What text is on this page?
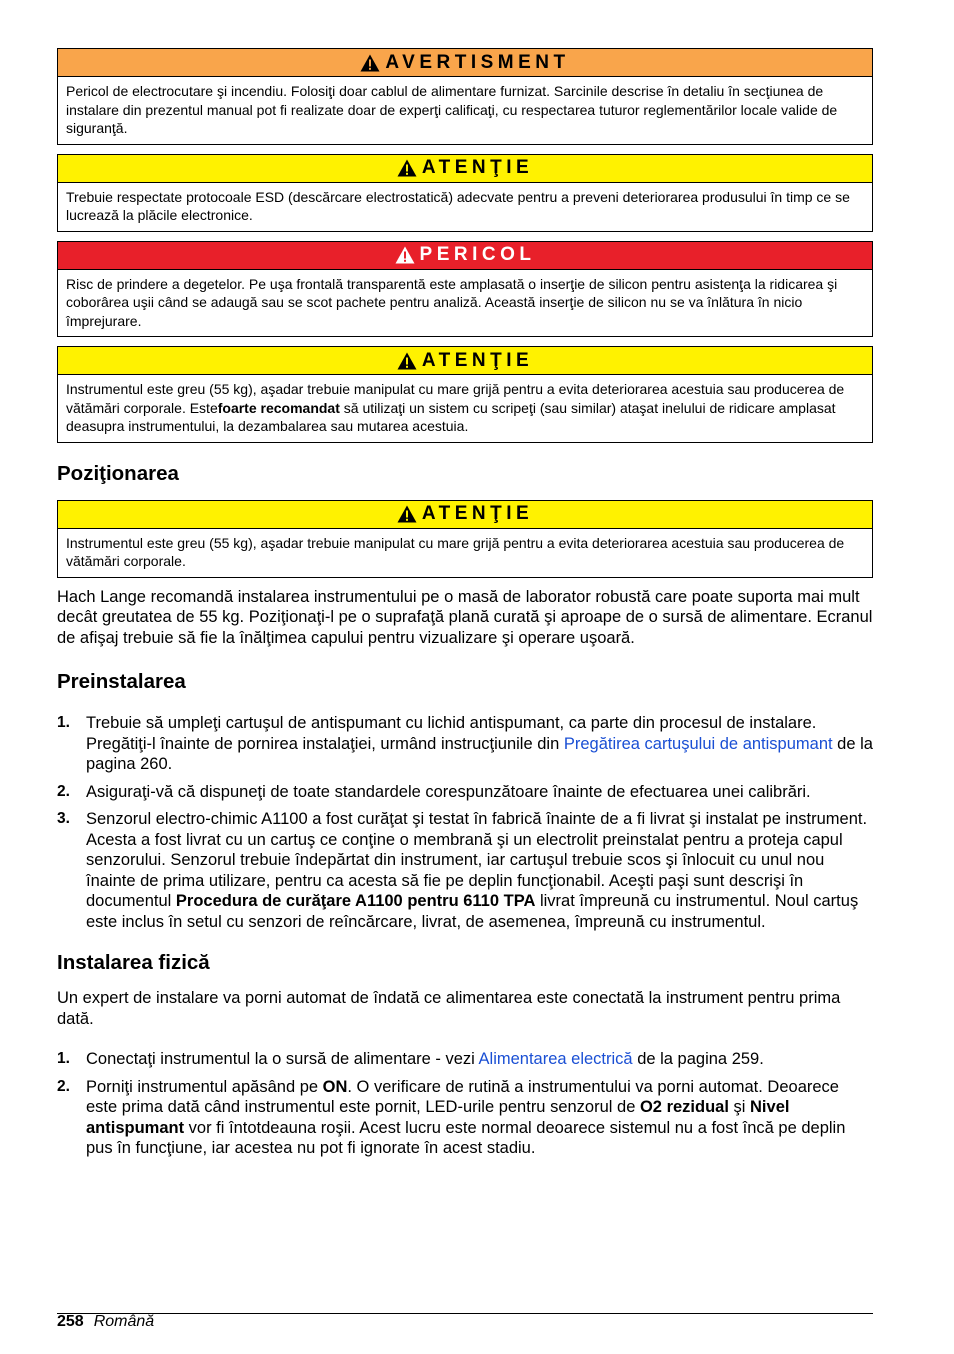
AVERTISMENT
Pericol de electrocutare şi incendiu. Folosiţi doar cablul de alimentare furnizat. Sarcinile descrise în detaliu în secţiunea de instalare din prezentul manual pot fi realizate doar de experţi calificaţi, cu respectarea tuturor reglementărilor locale valide de siguranţă.
ATENŢIE
Trebuie respectate protocoale ESD (descărcare electrostatică) adecvate pentru a preveni deteriorarea produsului în timp ce se lucrează la plăcile electronice.
PERICOL
Risc de prindere a degetelor. Pe uşa frontală transparentă este amplasată o inserţie de silicon pentru asistenţa la ridicarea şi coborârea uşii când se adaugă sau se scot pachete pentru analiză. Această inserţie de silicon nu se va înlătura în nicio împrejurare.
ATENŢIE
Instrumentul este greu (55 kg), aşadar trebuie manipulat cu mare grijă pentru a evita deteriorarea acestuia sau producerea de vătămări corporale. Estefoarte recomandat să utilizaţi un sistem cu scripeţi (sau similar) ataşat inelului de ridicare amplasat deasupra instrumentului, la dezambalarea sau mutarea acestuia.
Poziţionarea
ATENŢIE
Instrumentul este greu (55 kg), aşadar trebuie manipulat cu mare grijă pentru a evita deteriorarea acestuia sau producerea de vătămări corporale.

Hach Lange recomandă instalarea instrumentului pe o masă de laborator robustă care poate suporta mai mult decât greutatea de 55 kg. Poziţionaţi-l pe o suprafaţă plană curată şi aproape de o sursă de alimentare. Ecranul de afişaj trebuie să fie la înălţimea capului pentru vizualizare şi operare uşoară.

Preinstalarea
1. Trebuie să umpleţi cartuşul de antispumant cu lichid antispumant, ca parte din procesul de instalare. Pregătiţi-l înainte de pornirea instalaţiei, urmând instrucţiunile din Pregătirea cartuşului de antispumant de la pagina 260.
2. Asiguraţi-vă că dispuneţi de toate standardele corespunzătoare înainte de efectuarea unei calibrări.
3. Senzorul electro-chimic A1100 a fost curăţat şi testat în fabrică înainte de a fi livrat şi instalat pe instrument. Acesta a fost livrat cu un cartuş ce conţine o membrană şi un electrolit preinstalat pentru a proteja capul senzorului. Senzorul trebuie îndepărtat din instrument, iar cartuşul trebuie scos şi înlocuit cu unul nou înainte de prima utilizare, pentru ca acesta să fie pe deplin funcţionabil. Aceşti paşi sunt descrişi în documentul Procedura de curăţare A1100 pentru 6110 TPA livrat împreună cu instrumentul. Noul cartuş este inclus în setul cu senzori de reîncărcare, livrat, de asemenea, împreună cu instrumentul.
Instalarea fizică

Un expert de instalare va porni automat de îndată ce alimentarea este conectată la instrument pentru prima dată.

1. Conectaţi instrumentul la o sursă de alimentare - vezi Alimentarea electrică de la pagina 259.
2. Porniţi instrumentul apăsând pe ON. O verificare de rutină a instrumentului va porni automat. Deoarece este prima dată când instrumentul este pornit, LED-urile pentru senzorul de O2 rezidual şi Nivel antispumant vor fi întotdeauna roşii. Acest lucru este normal deoarece sistemul nu a fost încă pe deplin pus în funcţiune, iar acestea nu pot fi ignorate în acest stadiu.
258 Română
